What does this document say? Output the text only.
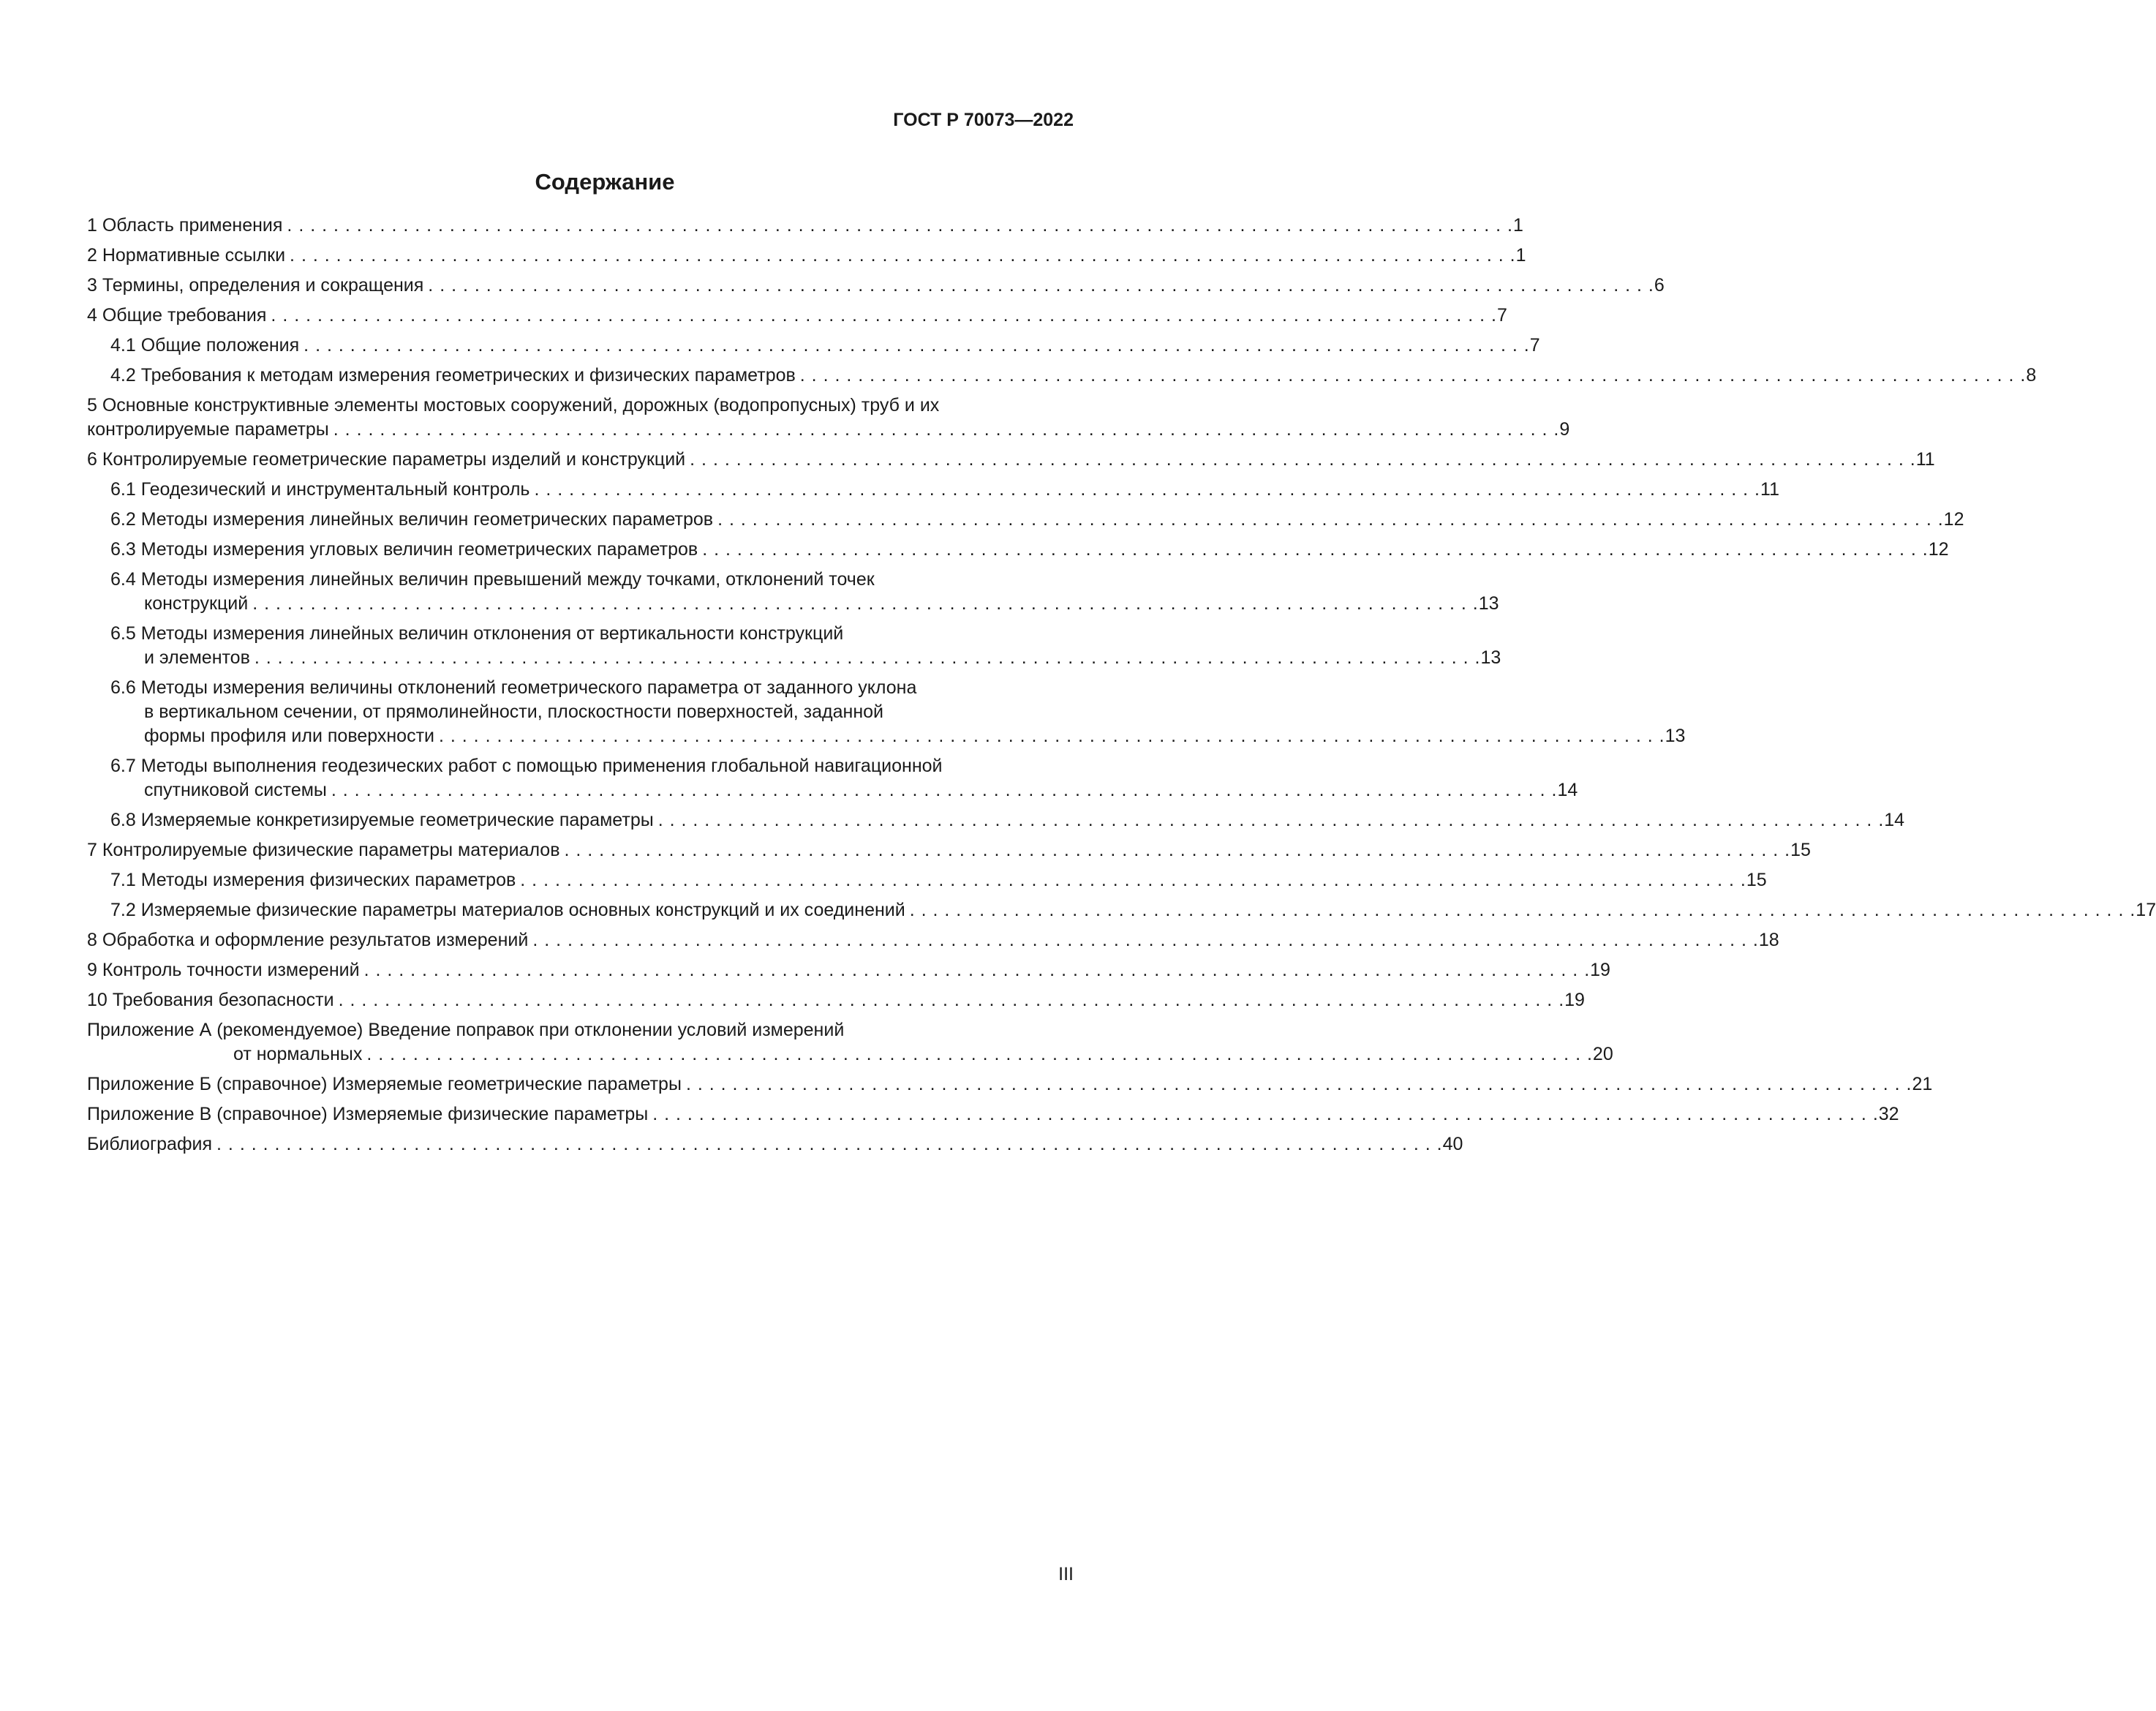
ГОСТ Р 70073—2022
Содержание
1 Область применения . . . . . . . . . . . . . . . . . . . . . . . . . . . . . . . . . . . . . . . . . . . . . . . . . . . . . . . . . . . . . . . . . . . . . . . . . . . . . . . . . . . . . . . . . . . . . . . . . . . . . . . . . . 1
2 Нормативные ссылки . . . . . . . . . . . . . . . . . . . . . . . . . . . . . . . . . . . . . . . . . . . . . . . . . . . . . . . . . . . . . . . . . . . . . . . . . . . . . . . . . . . . . . . . . . . . . . . . . . . . . . . . . . 1
3 Термины, определения и сокращения . . . . . . . . . . . . . . . . . . . . . . . . . . . . . . . . . . . . . . . . . . . . . . . . . . . . . . . . . . . . . . . . . . . . . . . . . . . . . . . . . . . . . . . . . . . . . . . . . . . . . . . . . . 6
4 Общие требования . . . . . . . . . . . . . . . . . . . . . . . . . . . . . . . . . . . . . . . . . . . . . . . . . . . . . . . . . . . . . . . . . . . . . . . . . . . . . . . . . . . . . . . . . . . . . . . . . . . . . . . . . . 7
4.1 Общие положения . . . . . . . . . . . . . . . . . . . . . . . . . . . . . . . . . . . . . . . . . . . . . . . . . . . . . . . . . . . . . . . . . . . . . . . . . . . . . . . . . . . . . . . . . . . . . . . . . . . . . . . . . . 7
4.2 Требования к методам измерения геометрических и физических параметров . . . . . . . . . . . . . . . . . . . . . . . . . . . . . . . . . . . . . . . . . . . . . . . . . . . . . . . . . . . . . . . . . . . . . . . . . . . . . . . . . . . . . . . . . . . . . . . . . . . . . . . . . . 8
5 Основные конструктивные элементы мостовых сооружений, дорожных (водопропусных) труб и их
контролируемые параметры . . . . . . . . . . . . . . . . . . . . . . . . . . . . . . . . . . . . . . . . . . . . . . . . . . . . . . . . . . . . . . . . . . . . . . . . . . . . . . . . . . . . . . . . . . . . . . . . . . . . . . . . . . 9
6 Контролируемые геометрические параметры изделий и конструкций . . . . . . . . . . . . . . . . . . . . . . . . . . . . . . . . . . . . . . . . . . . . . . . . . . . . . . . . . . . . . . . . . . . . . . . . . . . . . . . . . . . . . . . . . . . . . . . . . . . . . . . . . . 11
6.1 Геодезический и инструментальный контроль . . . . . . . . . . . . . . . . . . . . . . . . . . . . . . . . . . . . . . . . . . . . . . . . . . . . . . . . . . . . . . . . . . . . . . . . . . . . . . . . . . . . . . . . . . . . . . . . . . . . . . . . . . 11
6.2 Методы измерения линейных величин геометрических параметров . . . . . . . . . . . . . . . . . . . . . . . . . . . . . . . . . . . . . . . . . . . . . . . . . . . . . . . . . . . . . . . . . . . . . . . . . . . . . . . . . . . . . . . . . . . . . . . . . . . . . . . . . . 12
6.3 Методы измерения угловых величин геометрических параметров . . . . . . . . . . . . . . . . . . . . . . . . . . . . . . . . . . . . . . . . . . . . . . . . . . . . . . . . . . . . . . . . . . . . . . . . . . . . . . . . . . . . . . . . . . . . . . . . . . . . . . . . . . 12
6.4 Методы измерения линейных величин превышений между точками, отклонений точек
конструкций . . . . . . . . . . . . . . . . . . . . . . . . . . . . . . . . . . . . . . . . . . . . . . . . . . . . . . . . . . . . . . . . . . . . . . . . . . . . . . . . . . . . . . . . . . . . . . . . . . . . . . . . . . 13
6.5 Методы измерения линейных величин отклонения от вертикальности конструкций
и элементов . . . . . . . . . . . . . . . . . . . . . . . . . . . . . . . . . . . . . . . . . . . . . . . . . . . . . . . . . . . . . . . . . . . . . . . . . . . . . . . . . . . . . . . . . . . . . . . . . . . . . . . . . . 13
6.6 Методы измерения величины отклонений геометрического параметра от заданного уклона
в вертикальном сечении, от прямолинейности, плоскостности поверхностей, заданной
формы профиля или поверхности . . . . . . . . . . . . . . . . . . . . . . . . . . . . . . . . . . . . . . . . . . . . . . . . . . . . . . . . . . . . . . . . . . . . . . . . . . . . . . . . . . . . . . . . . . . . . . . . . . . . . . . . . . 13
6.7 Методы выполнения геодезических работ с помощью применения глобальной навигационной
спутниковой системы . . . . . . . . . . . . . . . . . . . . . . . . . . . . . . . . . . . . . . . . . . . . . . . . . . . . . . . . . . . . . . . . . . . . . . . . . . . . . . . . . . . . . . . . . . . . . . . . . . . . . . . . . . 14
6.8 Измеряемые конкретизируемые геометрические параметры . . . . . . . . . . . . . . . . . . . . . . . . . . . . . . . . . . . . . . . . . . . . . . . . . . . . . . . . . . . . . . . . . . . . . . . . . . . . . . . . . . . . . . . . . . . . . . . . . . . . . . . . . . 14
7 Контролируемые физические параметры материалов . . . . . . . . . . . . . . . . . . . . . . . . . . . . . . . . . . . . . . . . . . . . . . . . . . . . . . . . . . . . . . . . . . . . . . . . . . . . . . . . . . . . . . . . . . . . . . . . . . . . . . . . . . 15
7.1 Методы измерения физических параметров . . . . . . . . . . . . . . . . . . . . . . . . . . . . . . . . . . . . . . . . . . . . . . . . . . . . . . . . . . . . . . . . . . . . . . . . . . . . . . . . . . . . . . . . . . . . . . . . . . . . . . . . . . 15
7.2 Измеряемые физические параметры материалов основных конструкций и их соединений . . . . . . . . . . . . . . . . . . . . . . . . . . . . . . . . . . . . . . . . . . . . . . . . . . . . . . . . . . . . . . . . . . . . . . . . . . . . . . . . . . . . . . . . . . . . . . . . . . . . . . . . . . 17
8 Обработка и оформление результатов измерений . . . . . . . . . . . . . . . . . . . . . . . . . . . . . . . . . . . . . . . . . . . . . . . . . . . . . . . . . . . . . . . . . . . . . . . . . . . . . . . . . . . . . . . . . . . . . . . . . . . . . . . . . . 18
9 Контроль точности измерений . . . . . . . . . . . . . . . . . . . . . . . . . . . . . . . . . . . . . . . . . . . . . . . . . . . . . . . . . . . . . . . . . . . . . . . . . . . . . . . . . . . . . . . . . . . . . . . . . . . . . . . . . . 19
10 Требования безопасности . . . . . . . . . . . . . . . . . . . . . . . . . . . . . . . . . . . . . . . . . . . . . . . . . . . . . . . . . . . . . . . . . . . . . . . . . . . . . . . . . . . . . . . . . . . . . . . . . . . . . . . . . . 19
Приложение А (рекомендуемое) Введение поправок при отклонении условий измерений
от нормальных . . . . . . . . . . . . . . . . . . . . . . . . . . . . . . . . . . . . . . . . . . . . . . . . . . . . . . . . . . . . . . . . . . . . . . . . . . . . . . . . . . . . . . . . . . . . . . . . . . . . . . . . . . 20
Приложение Б (справочное) Измеряемые геометрические параметры . . . . . . . . . . . . . . . . . . . . . . . . . . . . . . . . . . . . . . . . . . . . . . . . . . . . . . . . . . . . . . . . . . . . . . . . . . . . . . . . . . . . . . . . . . . . . . . . . . . . . . . . . . 21
Приложение В (справочное) Измеряемые физические параметры . . . . . . . . . . . . . . . . . . . . . . . . . . . . . . . . . . . . . . . . . . . . . . . . . . . . . . . . . . . . . . . . . . . . . . . . . . . . . . . . . . . . . . . . . . . . . . . . . . . . . . . . . . 32
Библиография . . . . . . . . . . . . . . . . . . . . . . . . . . . . . . . . . . . . . . . . . . . . . . . . . . . . . . . . . . . . . . . . . . . . . . . . . . . . . . . . . . . . . . . . . . . . . . . . . . . . . . . . . . 40
III
